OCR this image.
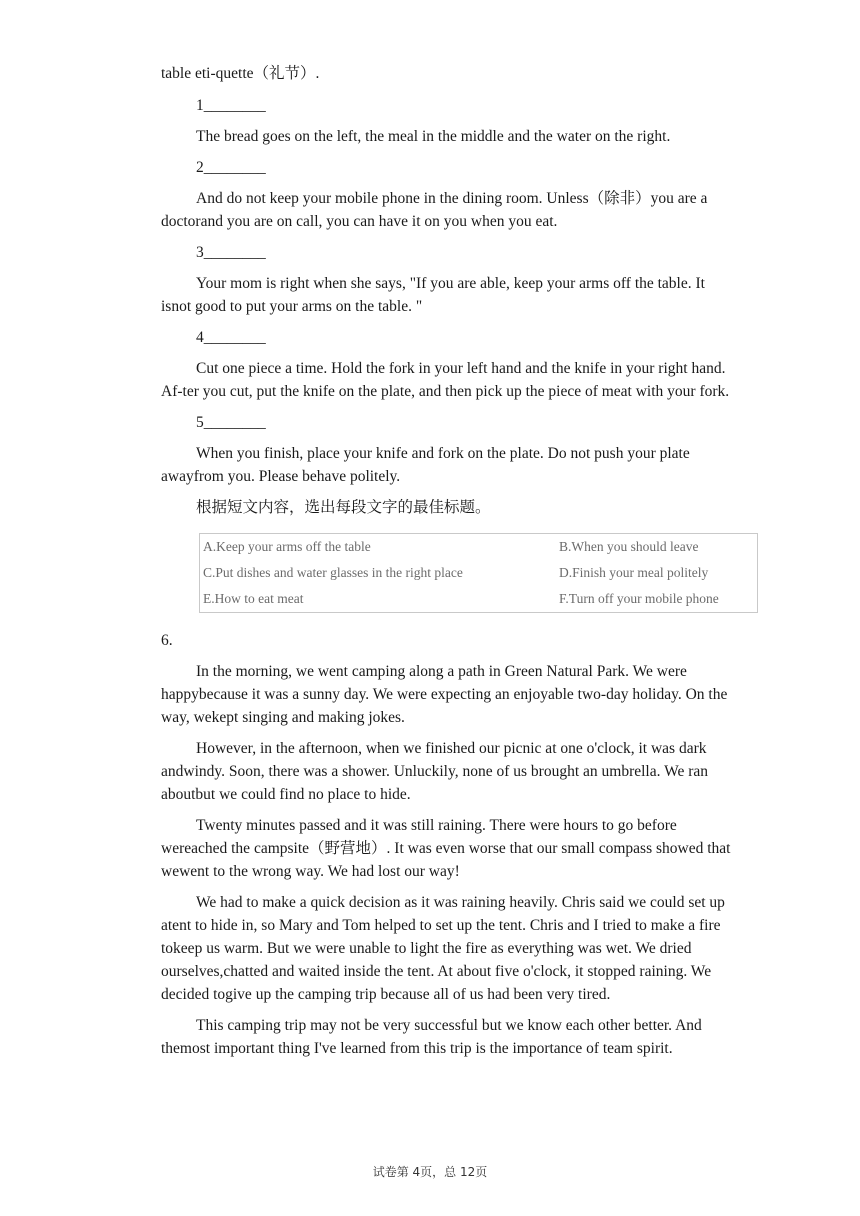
table eti-quette（礼节）.

1________

The bread goes on the left, the meal in the middle and the water on the right.

2________

And do not keep your mobile phone in the dining room. Unless（除非）you are a doctorand you are on call, you can have it on you when you eat.

3________

Your mom is right when she says, "If you are able, keep your arms off the table. It isnot good to put your arms on the table. "

4________

Cut one piece a time. Hold the fork in your left hand and the knife in your right hand. Af-ter you cut, put the knife on the plate, and then pick up the piece of meat with your fork.

5________

When you finish, place your knife and fork on the plate. Do not push your plate awayfrom you. Please behave politely.

根据短文内容，选出每段文字的最佳标题。

A.Keep your arms off the table	B.When you should leave
C.Put dishes and water glasses in the right place	D.Finish your meal politely
E.How to eat meat	F.Turn off your mobile phone

6.

In the morning, we went camping along a path in Green Natural Park. We were happybecause it was a sunny day. We were expecting an enjoyable two-day holiday. On the way, wekept singing and making jokes.

However, in the afternoon, when we finished our picnic at one o'clock, it was dark andwindy. Soon, there was a shower. Unluckily, none of us brought an umbrella. We ran aboutbut we could find no place to hide.

Twenty minutes passed and it was still raining. There were hours to go before wereached the campsite（野营地）. It was even worse that our small compass showed that wewent to the wrong way. We had lost our way!

We had to make a quick decision as it was raining heavily. Chris said we could set up atent to hide in, so Mary and Tom helped to set up the tent. Chris and I tried to make a fire tokeep us warm. But we were unable to light the fire as everything was wet. We dried ourselves,chatted and waited inside the tent. At about five o'clock, it stopped raining. We decided togive up the camping trip because all of us had been very tired.

This camping trip may not be very successful but we know each other better. And themost important thing I've learned from this trip is the importance of team spirit.

试卷第 4页，总 12页
